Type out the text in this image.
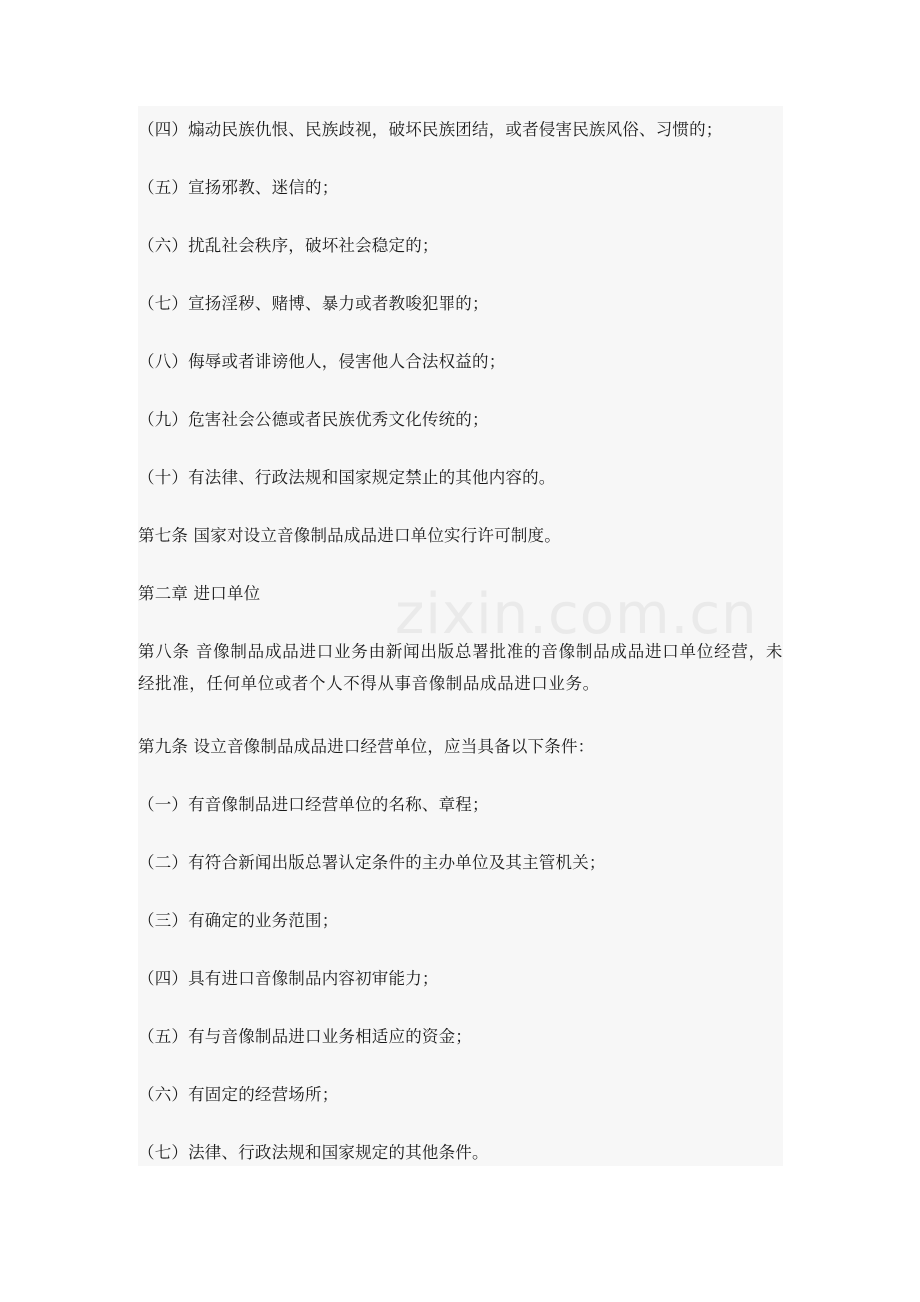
（四）煽动民族仇恨、民族歧视，破坏民族团结，或者侵害民族风俗、习惯的；
（五）宣扬邪教、迷信的；
（六）扰乱社会秩序，破坏社会稳定的；
（七）宣扬淫秽、赌博、暴力或者教唆犯罪的；
（八）侮辱或者诽谤他人，侵害他人合法权益的；
（九）危害社会公德或者民族优秀文化传统的；
（十）有法律、行政法规和国家规定禁止的其他内容的。
第七条 国家对设立音像制品成品进口单位实行许可制度。
第二章 进口单位
第八条 音像制品成品进口业务由新闻出版总署批准的音像制品成品进口单位经营，未经批准，任何单位或者个人不得从事音像制品成品进口业务。
第九条 设立音像制品成品进口经营单位，应当具备以下条件：
（一）有音像制品进口经营单位的名称、章程；
（二）有符合新闻出版总署认定条件的主办单位及其主管机关；
（三）有确定的业务范围；
（四）具有进口音像制品内容初审能力；
（五）有与音像制品进口业务相适应的资金；
（六）有固定的经营场所；
（七）法律、行政法规和国家规定的其他条件。
